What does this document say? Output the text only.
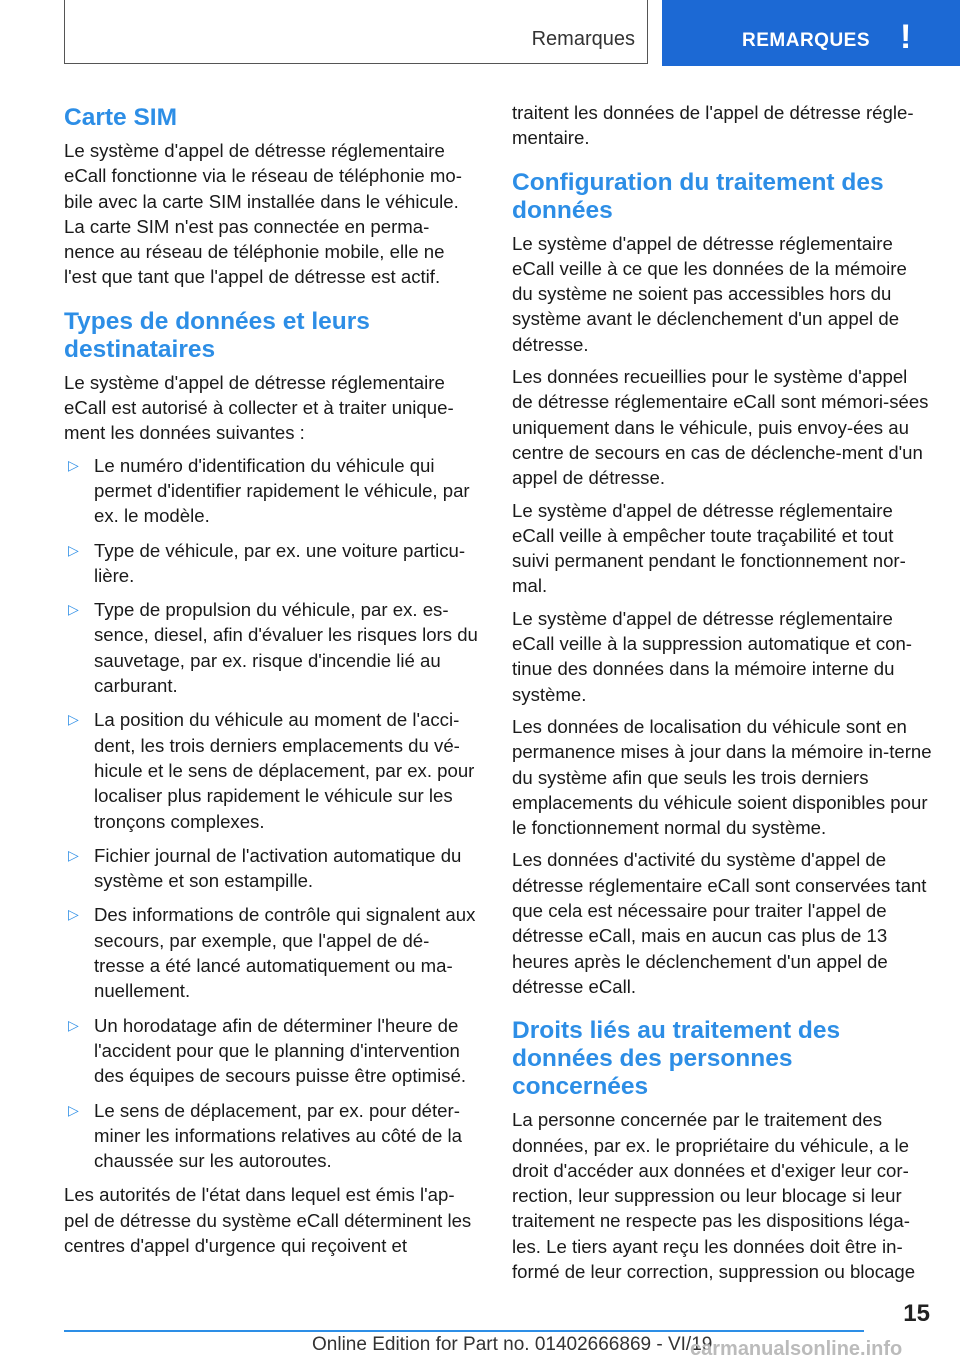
Remarques	REMARQUES !
Carte SIM

Le système d'appel de détresse réglementaire eCall fonctionne via le réseau de téléphonie mo‐bile avec la carte SIM installée dans le véhicule. La carte SIM n'est pas connectée en perma‐nence au réseau de téléphonie mobile, elle ne l'est que tant que l'appel de détresse est actif.

Types de données et leurs destinataires

Le système d'appel de détresse réglementaire eCall est autorisé à collecter et à traiter unique‐ment les données suivantes :

▷ Le numéro d'identification du véhicule qui permet d'identifier rapidement le véhicule, par ex. le modèle.
▷ Type de véhicule, par ex. une voiture particu‐lière.
▷ Type de propulsion du véhicule, par ex. es‐sence, diesel, afin d'évaluer les risques lors du sauvetage, par ex. risque d'incendie lié au carburant.
▷ La position du véhicule au moment de l'acci‐dent, les trois derniers emplacements du vé‐hicule et le sens de déplacement, par ex. pour localiser plus rapidement le véhicule sur les tronçons complexes.
▷ Fichier journal de l'activation automatique du système et son estampille.
▷ Des informations de contrôle qui signalent aux secours, par exemple, que l'appel de dé‐tresse a été lancé automatiquement ou ma‐nuellement.
▷ Un horodatage afin de déterminer l'heure de l'accident pour que le planning d'intervention des équipes de secours puisse être optimisé.
▷ Le sens de déplacement, par ex. pour déter‐miner les informations relatives au côté de la chaussée sur les autoroutes.

Les autorités de l'état dans lequel est émis l'ap‐pel de détresse du système eCall déterminent les centres d'appel d'urgence qui reçoivent et

traitent les données de l'appel de détresse régle‐mentaire.

Configuration du traitement des données

Le système d'appel de détresse réglementaire eCall veille à ce que les données de la mémoire du système ne soient pas accessibles hors du système avant le déclenchement d'un appel de détresse.

Les données recueillies pour le système d'appel de détresse réglementaire eCall sont mémori‐sées uniquement dans le véhicule, puis envoy‐ées au centre de secours en cas de déclenche‐ment d'un appel de détresse.

Le système d'appel de détresse réglementaire eCall veille à empêcher toute traçabilité et tout suivi permanent pendant le fonctionnement nor‐mal.

Le système d'appel de détresse réglementaire eCall veille à la suppression automatique et con‐tinue des données dans la mémoire interne du système.

Les données de localisation du véhicule sont en permanence mises à jour dans la mémoire in‐terne du système afin que seuls les trois derniers emplacements du véhicule soient disponibles pour le fonctionnement normal du système.

Les données d'activité du système d'appel de détresse réglementaire eCall sont conservées tant que cela est nécessaire pour traiter l'appel de détresse eCall, mais en aucun cas plus de 13 heures après le déclenchement d'un appel de détresse eCall.

Droits liés au traitement des données des personnes concernées

La personne concernée par le traitement des données, par ex. le propriétaire du véhicule, a le droit d'accéder aux données et d'exiger leur cor‐rection, leur suppression ou leur blocage si leur traitement ne respecte pas les dispositions léga‐les. Le tiers ayant reçu les données doit être in‐formé de leur correction, suppression ou blocage

15
Online Edition for Part no. 01402666869 - VI/19
carmanualsonline.info
